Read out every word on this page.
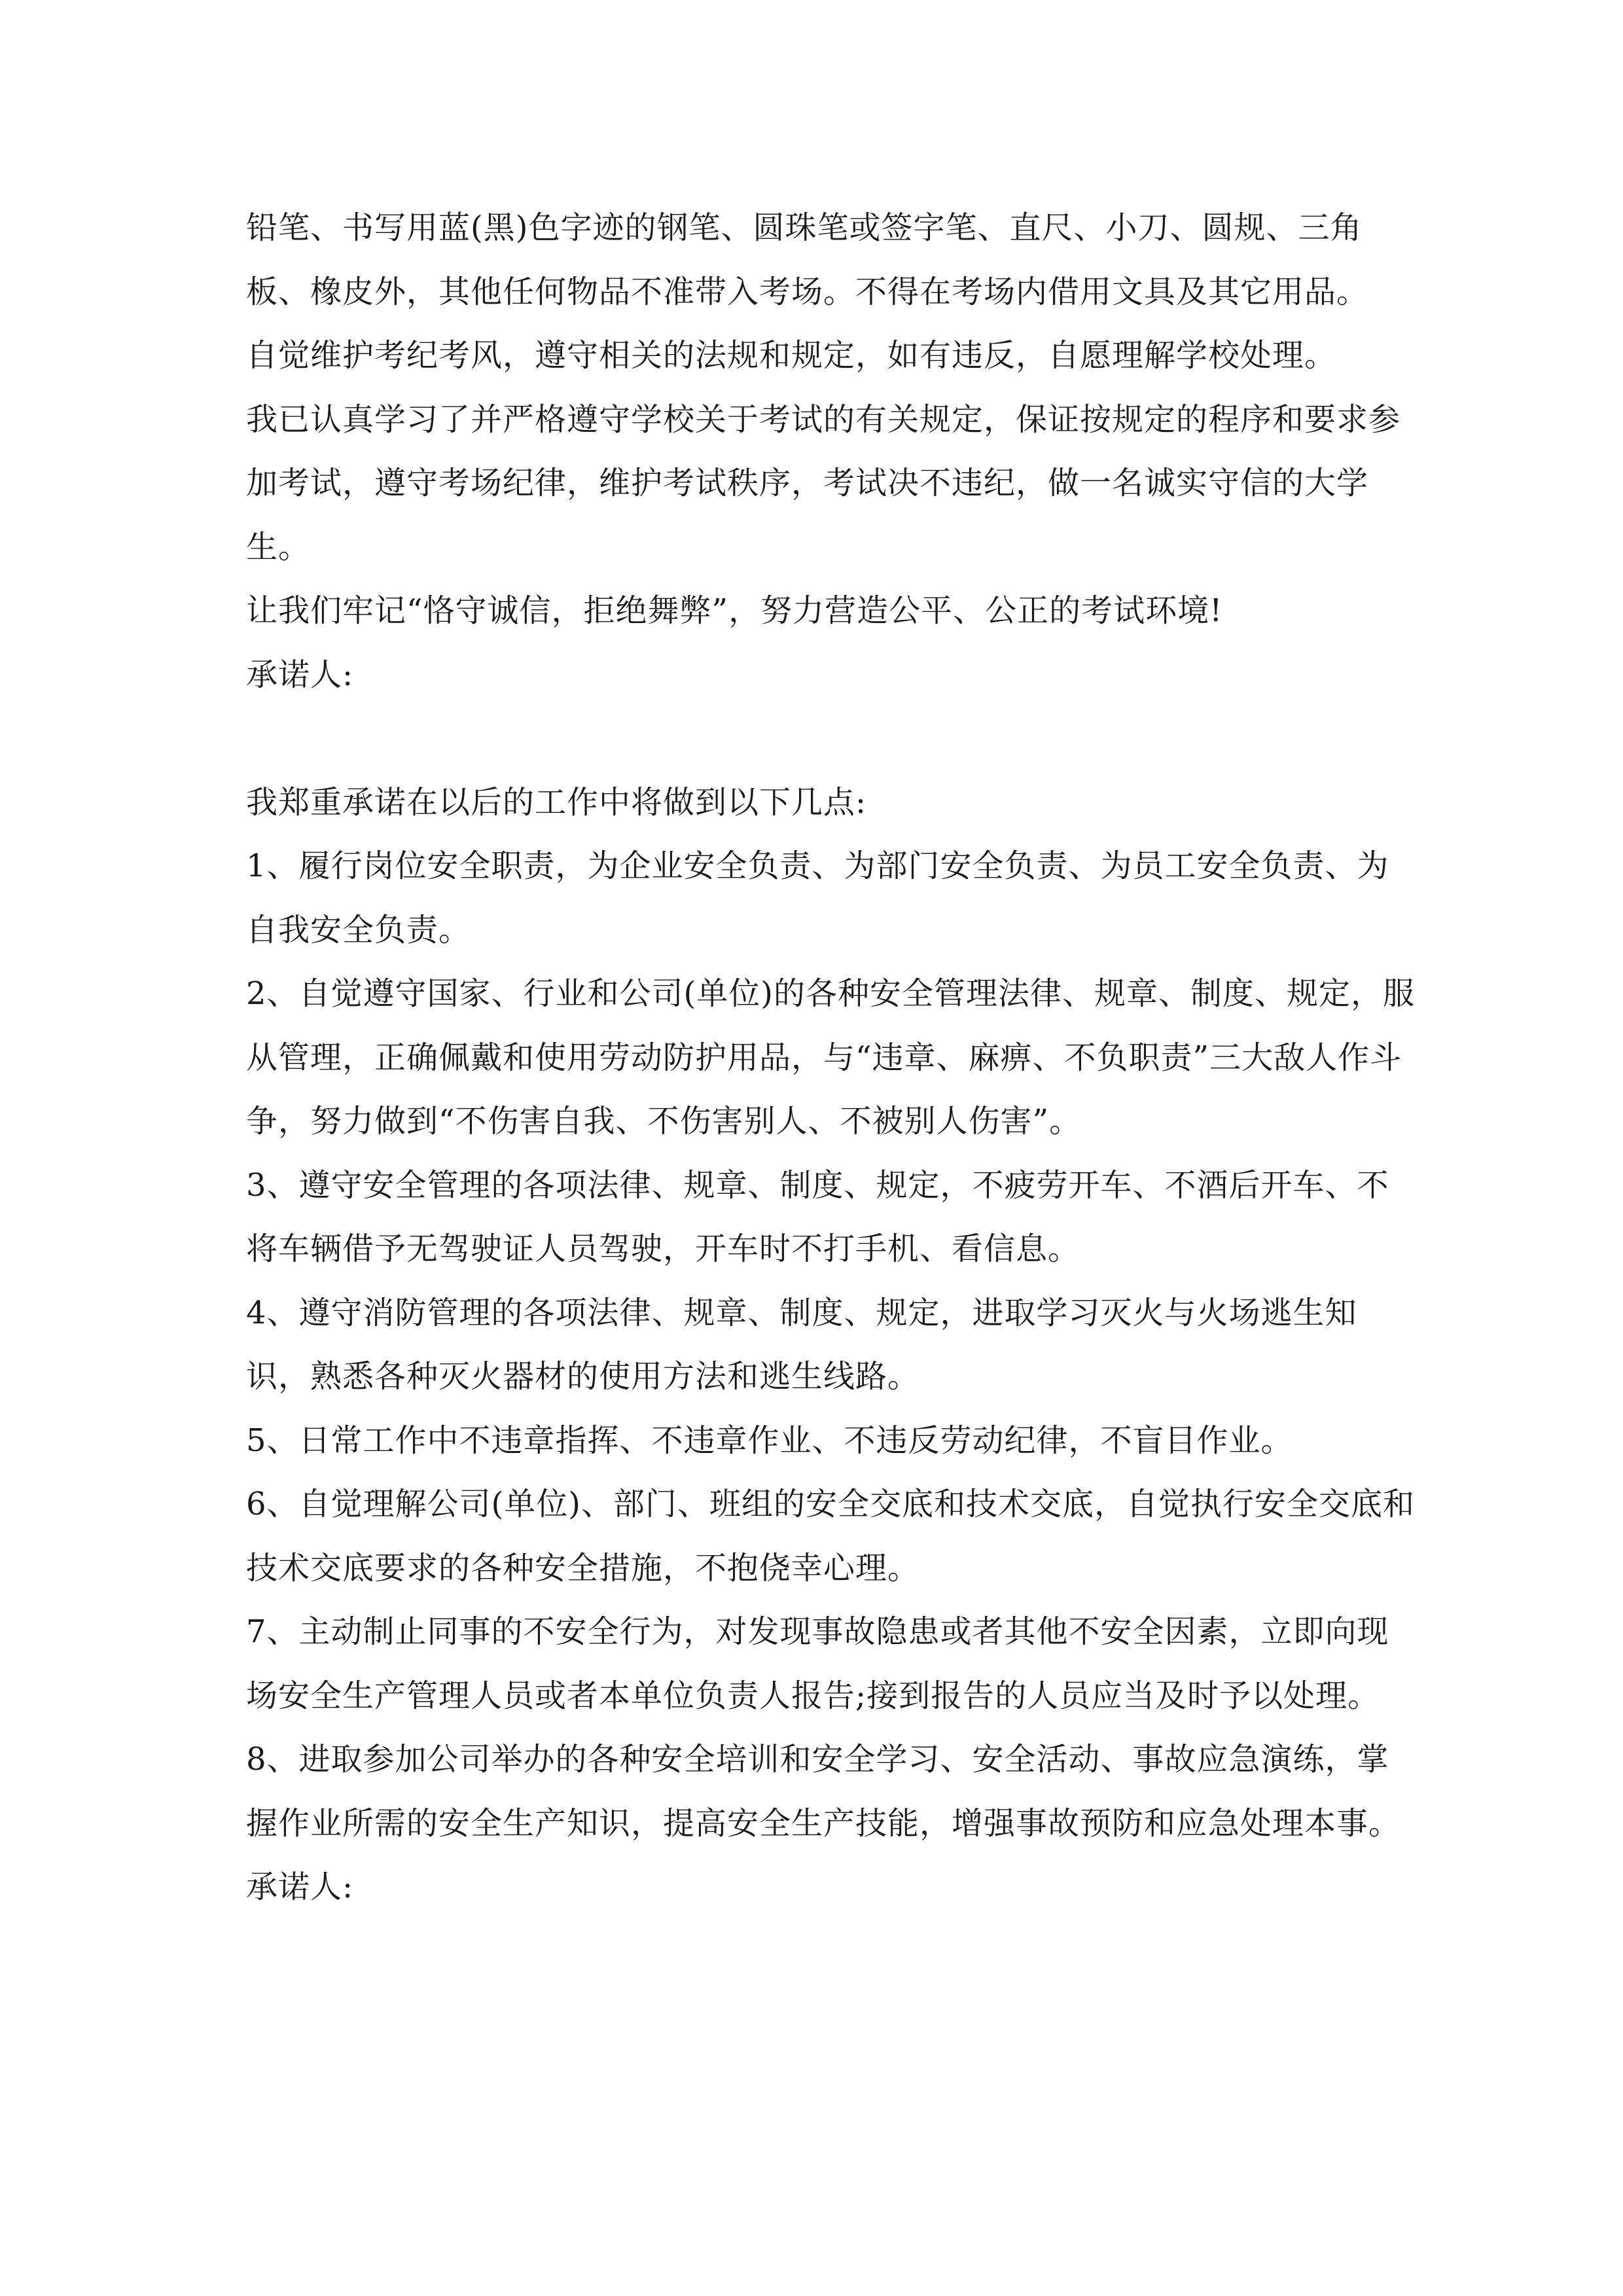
铅笔、书写用蓝(黑)色字迹的钢笔、圆珠笔或签字笔、直尺、小刀、圆规、三角板、橡皮外，其他任何物品不准带入考场。不得在考场内借用文具及其它用品。

自觉维护考纪考风，遵守相关的法规和规定，如有违反，自愿理解学校处理。

我已认真学习了并严格遵守学校关于考试的有关规定，保证按规定的程序和要求参加考试，遵守考场纪律，维护考试秩序，考试决不违纪，做一名诚实守信的大学生。

让我们牢记“恪守诚信，拒绝舞弊”，努力营造公平、公正的考试环境!

承诺人:

我郑重承诺在以后的工作中将做到以下几点:

1、履行岗位安全职责，为企业安全负责、为部门安全负责、为员工安全负责、为自我安全负责。

2、自觉遵守国家、行业和公司(单位)的各种安全管理法律、规章、制度、规定，服从管理，正确佩戴和使用劳动防护用品，与“违章、麻痹、不负职责”三大敌人作斗争，努力做到“不伤害自我、不伤害别人、不被别人伤害”。

3、遵守安全管理的各项法律、规章、制度、规定，不疲劳开车、不酒后开车、不将车辆借予无驾驶证人员驾驶，开车时不打手机、看信息。

4、遵守消防管理的各项法律、规章、制度、规定，进取学习灭火与火场逃生知识，熟悉各种灭火器材的使用方法和逃生线路。

5、日常工作中不违章指挥、不违章作业、不违反劳动纪律，不盲目作业。

6、自觉理解公司(单位)、部门、班组的安全交底和技术交底，自觉执行安全交底和技术交底要求的各种安全措施，不抱侥幸心理。

7、主动制止同事的不安全行为，对发现事故隐患或者其他不安全因素，立即向现场安全生产管理人员或者本单位负责人报告;接到报告的人员应当及时予以处理。

8、进取参加公司举办的各种安全培训和安全学习、安全活动、事故应急演练，掌握作业所需的安全生产知识，提高安全生产技能，增强事故预防和应急处理本事。

承诺人:
